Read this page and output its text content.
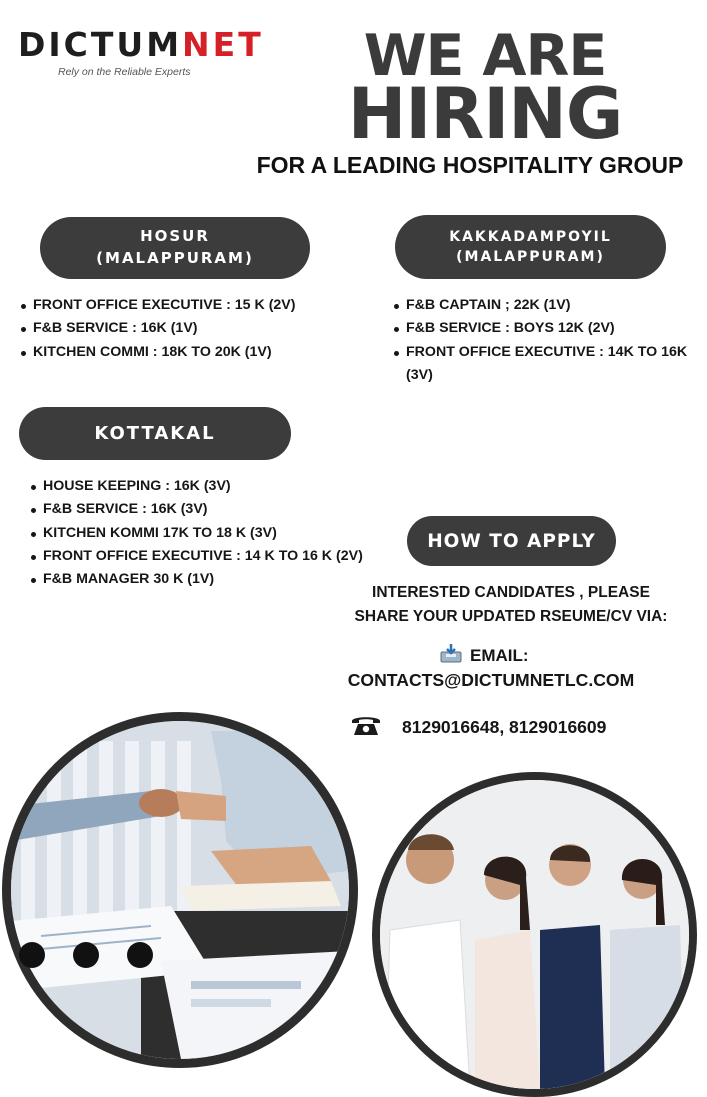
DICTUMNET
Rely on the Reliable Experts	WE ARE
HIRING
FOR A LEADING HOSPITALITY GROUP
HOSUR
(MALAPPURAM)
FRONT OFFICE EXECUTIVE : 15 K (2V)
F&B SERVICE : 16K (1V)
KITCHEN COMMI : 18K TO 20K (1V)
KAKKADAMPOYIL
(MALAPPURAM)
F&B CAPTAIN ; 22K (1V)
F&B SERVICE : BOYS 12K (2V)
FRONT OFFICE EXECUTIVE : 14K TO 16K (3V)
KOTTAKAL
HOUSE KEEPING : 16K (3V)
F&B SERVICE : 16K (3V)
KITCHEN KOMMI 17K TO 18 K (3V)
FRONT OFFICE EXECUTIVE : 14 K TO 16 K (2V)
F&B MANAGER 30 K (1V)
HOW TO APPLY
INTERESTED CANDIDATES , PLEASE
SHARE YOUR UPDATED RSEUME/CV VIA:
EMAIL:
CONTACTS@DICTUMNETLC.COM
8129016648, 8129016609
